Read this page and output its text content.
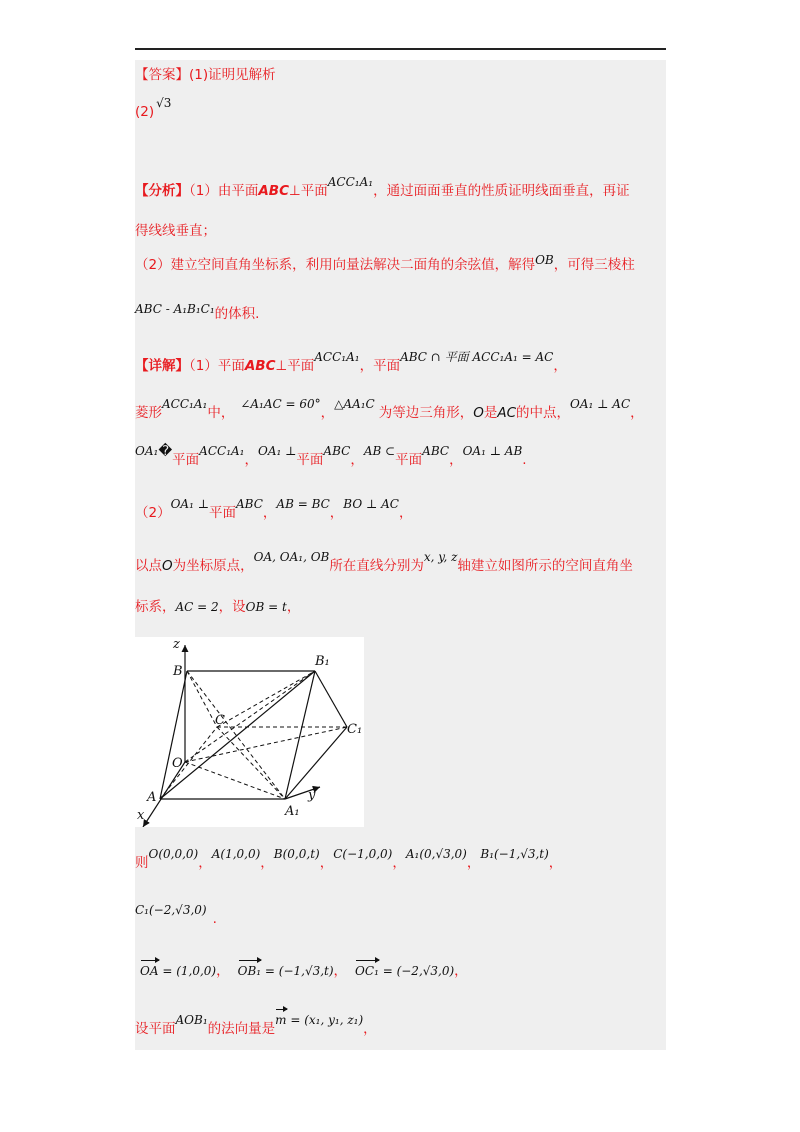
【答案】(1)证明见解析
(2)√3
【分析】（1）由平面ABC⊥平面ACC₁A₁，通过面面垂直的性质证明线面垂直，再证
得线线垂直；
（2）建立空间直角坐标系，利用向量法解决二面角的余弦值，解得OB，可得三棱柱
ABC - A₁B₁C₁的体积.
【详解】（1）平面ABC⊥平面ACC₁A₁，平面ABC ∩ 平面 ACC₁A₁ = AC，
菱形ACC₁A₁中，∠A₁AC = 60°，△AA₁C为等边三角形，O是AC的中点，OA₁ ⊥ AC，
OA₁�平面ACC₁A₁，OA₁ ⊥平面ABC，AB ⊂平面ABC，OA₁ ⊥ AB.
（2）OA₁ ⊥平面ABC，AB = BC，BO ⊥ AC，
以点O为坐标原点，OA, OA₁, OB所在直线分别为x, y, z轴建立如图所示的空间直角坐
标系，AC = 2，设OB = t，
z
B
B₁
C
C₁
O
A
A₁
y
x
则O(0,0,0)，A(1,0,0)，B(0,0,t)，C(−1,0,0)，A₁(0,√3,0)，B₁(−1,√3,t)，
C₁(−2,√3,0).
OA = (1,0,0)， OB₁ = (−1,√3,t)， OC₁ = (−2,√3,0)，
设平面AOB₁的法向量是m = (x₁, y₁, z₁)，
